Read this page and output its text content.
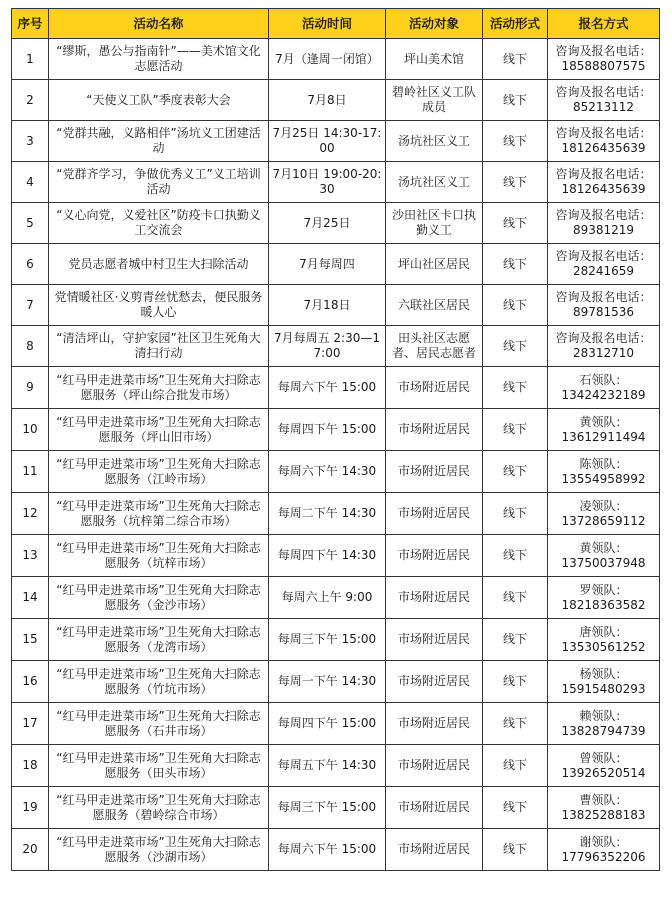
序号	活动名称	活动时间	活动对象	活动形式	报名方式
1	“缪斯，愚公与指南针”——美术馆文化志愿活动	7月（逢周一闭馆）	坪山美术馆	线下	咨询及报名电话：
18588807575

2	“天使义工队”季度表彰大会	7月8日	碧岭社区义工队成员	线下	咨询及报名电话：
85213112

3	“党群共融，义路相伴”汤坑义工团建活动	7月25日 14:30-17:00	汤坑社区义工	线下	咨询及报名电话：
18126435639

4	“党群齐学习，争做优秀义工”义工培训活动	7月10日 19:00-20:30	汤坑社区义工	线下	咨询及报名电话：
18126435639

5	“义心向党，义爱社区”防疫卡口执勤义工交流会	7月25日	沙田社区卡口执勤义工	线下	咨询及报名电话：
89381219

6	党员志愿者城中村卫生大扫除活动	7月每周四	坪山社区居民	线下	咨询及报名电话：
28241659

7	党情暖社区·义剪青丝忧愁去，便民服务暖人心	7月18日	六联社区居民	线下	咨询及报名电话：
89781536

8	“清洁坪山，守护家园”社区卫生死角大清扫行动	7月每周五 2:30—17:00	田头社区志愿者、居民志愿者	线下	咨询及报名电话：
28312710

9	“红马甲走进菜市场”卫生死角大扫除志愿服务（坪山综合批发市场）	每周六下午 15:00	市场附近居民	线下	石领队：
13424232189

10	“红马甲走进菜市场”卫生死角大扫除志愿服务（坪山旧市场）	每周四下午 15:00	市场附近居民	线下	黄领队：
13612911494

11	“红马甲走进菜市场”卫生死角大扫除志愿服务（江岭市场）	每周六下午 14:30	市场附近居民	线下	陈领队：
13554958992

12	“红马甲走进菜市场”卫生死角大扫除志愿服务（坑梓第二综合市场）	每周二下午 14:30	市场附近居民	线下	凌领队：
13728659112

13	“红马甲走进菜市场”卫生死角大扫除志愿服务（坑梓市场）	每周四下午 14:30	市场附近居民	线下	黄领队：
13750037948

14	“红马甲走进菜市场”卫生死角大扫除志愿服务（金沙市场）	每周六上午 9:00	市场附近居民	线下	罗领队：
18218363582

15	“红马甲走进菜市场”卫生死角大扫除志愿服务（龙湾市场）	每周三下午 15:00	市场附近居民	线下	唐领队：
13530561252

16	“红马甲走进菜市场”卫生死角大扫除志愿服务（竹坑市场）	每周一下午 14:30	市场附近居民	线下	杨领队：
15915480293

17	“红马甲走进菜市场”卫生死角大扫除志愿服务（石井市场）	每周四下午 15:00	市场附近居民	线下	赖领队：
13828794739

18	“红马甲走进菜市场”卫生死角大扫除志愿服务（田头市场）	每周五下午 14:30	市场附近居民	线下	曾领队：
13926520514

19	“红马甲走进菜市场”卫生死角大扫除志愿服务（碧岭综合市场）	每周三下午 15:00	市场附近居民	线下	曹领队：
13825288183

20	“红马甲走进菜市场”卫生死角大扫除志愿服务（沙湖市场）	每周六下午 15:00	市场附近居民	线下	谢领队：
17796352206
